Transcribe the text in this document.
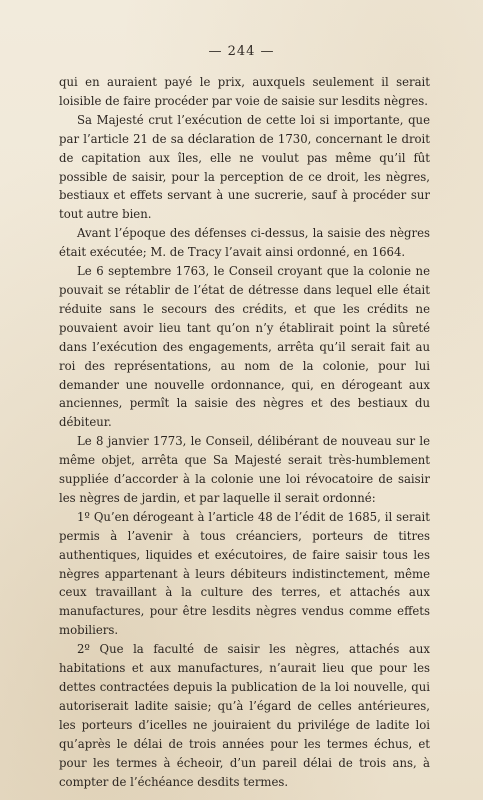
— 244 —

qui en auraient payé le prix, auxquels seulement il serait loisible de faire procéder par voie de saisie sur lesdits nègres.

Sa Majesté crut l’exécution de cette loi si importante, que par l’article 21 de sa déclaration de 1730, concernant le droit de capitation aux îles, elle ne voulut pas même qu’il fût possible de saisir, pour la perception de ce droit, les nègres, bestiaux et effets servant à une sucrerie, sauf à procéder sur tout autre bien.

Avant l’époque des défenses ci-dessus, la saisie des nègres était exécutée; M. de Tracy l’avait ainsi ordonné, en 1664.

Le 6 septembre 1763, le Conseil croyant que la colonie ne pouvait se rétablir de l’état de détresse dans lequel elle était réduite sans le secours des crédits, et que les crédits ne pouvaient avoir lieu tant qu’on n’y établirait point la sûreté dans l’exécution des engagements, arrêta qu’il serait fait au roi des représentations, au nom de la colonie, pour lui demander une nouvelle ordonnance, qui, en dérogeant aux anciennes, permît la saisie des nègres et des bestiaux du débiteur.

Le 8 janvier 1773, le Conseil, délibérant de nouveau sur le même objet, arrêta que Sa Majesté serait très-humblement suppliée d’accorder à la colonie une loi révocatoire de saisir les nègres de jardin, et par laquelle il serait ordonné:

1º Qu’en dérogeant à l’article 48 de l’édit de 1685, il serait permis à l’avenir à tous créanciers, porteurs de titres authentiques, liquides et exécutoires, de faire saisir tous les nègres appartenant à leurs débiteurs indistinctement, même ceux travaillant à la culture des terres, et attachés aux manufactures, pour être lesdits nègres vendus comme effets mobiliers.

2º Que la faculté de saisir les nègres, attachés aux habitations et aux manufactures, n’aurait lieu que pour les dettes contractées depuis la publication de la loi nouvelle, qui autoriserait ladite saisie; qu’à l’égard de celles antérieures, les porteurs d’icelles ne jouiraient du privilége de ladite loi qu’après le délai de trois années pour les termes échus, et pour les termes à écheoir, d’un pareil délai de trois ans, à compter de l’échéance desdits termes.
